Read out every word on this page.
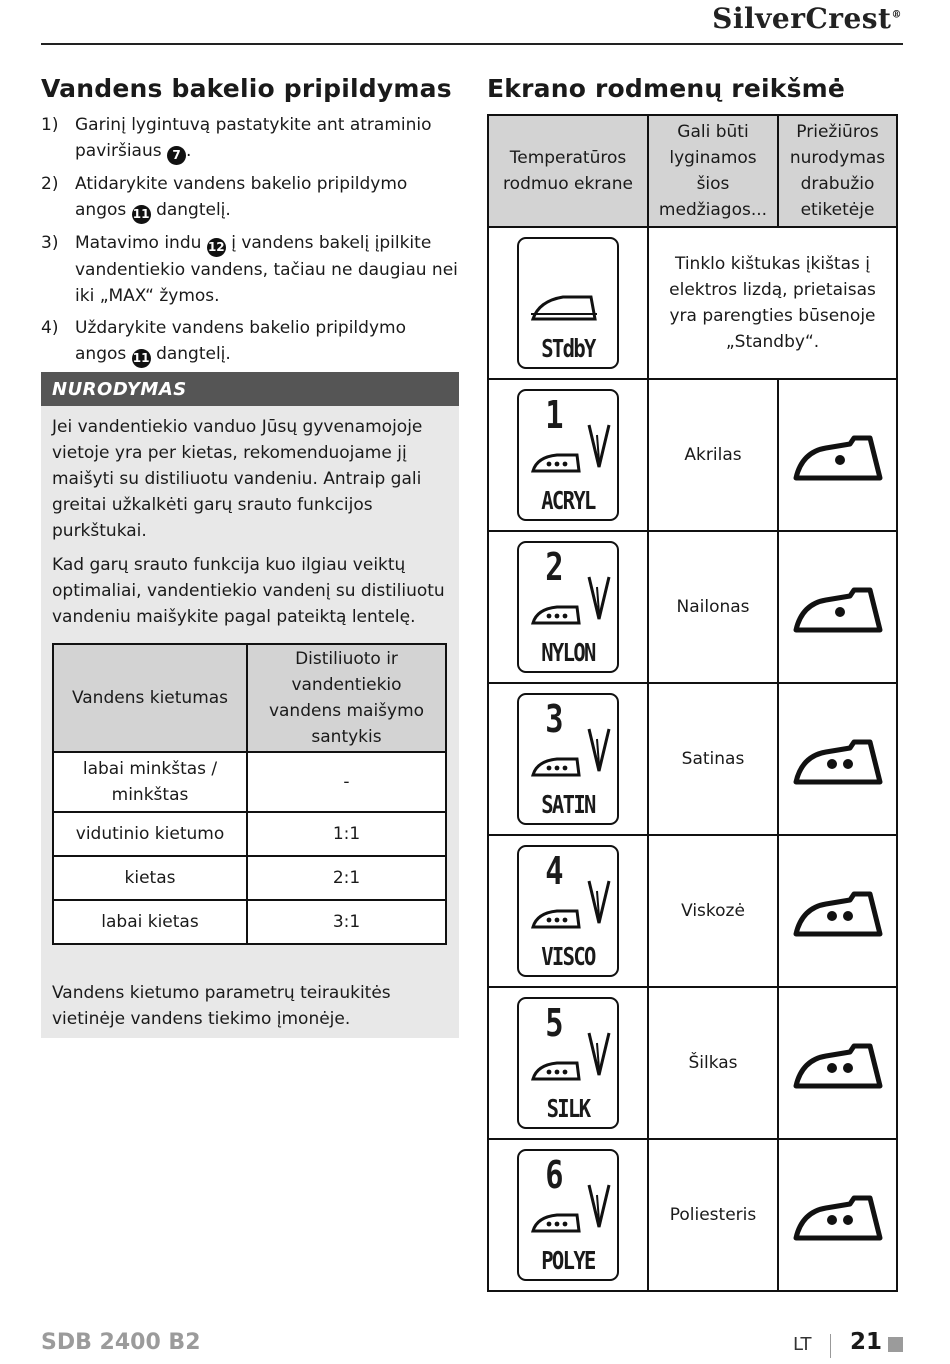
SilverCrest®
Vandens bakelio pripildymas
1) Garinį lygintuvą pastatykite ant atraminio paviršiaus 7 .
2) Atidarykite vandens bakelio pripildymo angos 11 dangtelį.
3) Matavimo indu 12 į vandens bakelį įpilkite vandentiekio vandens, tačiau ne daugiau nei iki „MAX“ žymos.
4) Uždarykite vandens bakelio pripildymo angos 11 dangtelį.
NURODYMAS

Jei vandentiekio vanduo Jūsų gyvenamojoje vietoje yra per kietas, rekomenduojame jį maišyti su distiliuotu vandeniu. Antraip gali greitai užkalkėti garų srauto funkcijos purkštukai.

Kad garų srauto funkcija kuo ilgiau veiktų optimaliai, vandentiekio vandenį su distiliuotu vandeniu maišykite pagal pateiktą lentelę.

Vandens kietumo parametrų teiraukitės vietinėje vandens tiekimo įmonėje.

Vandens kietumas	Distiliuoto ir vandentiekio vandens maišymo santykis
labai minkštas / minkštas	-
vidutinio kietumo	1:1
kietas	2:1
labai kietas	3:1
Ekrano rodmenų reikšmė
Temperatūros rodmuo ekrane	Gali būti lyginamos šios medžiagos...	Priežiūros nurodymas drabužio etiketėje

STdbY	Tinklo kištukas įkištas į elektros lizdą, prietaisas yra parengties būsenoje „Standby“.	

1
ACRYL	Akrilas	

2
NYLON	Nailonas	

3
SATIN	Satinas	

4
VISCO	Viskozė	

5
SILK	Šilkas	

6
POLYE	Poliesteris	
SDB 2400 B2	LT 21
